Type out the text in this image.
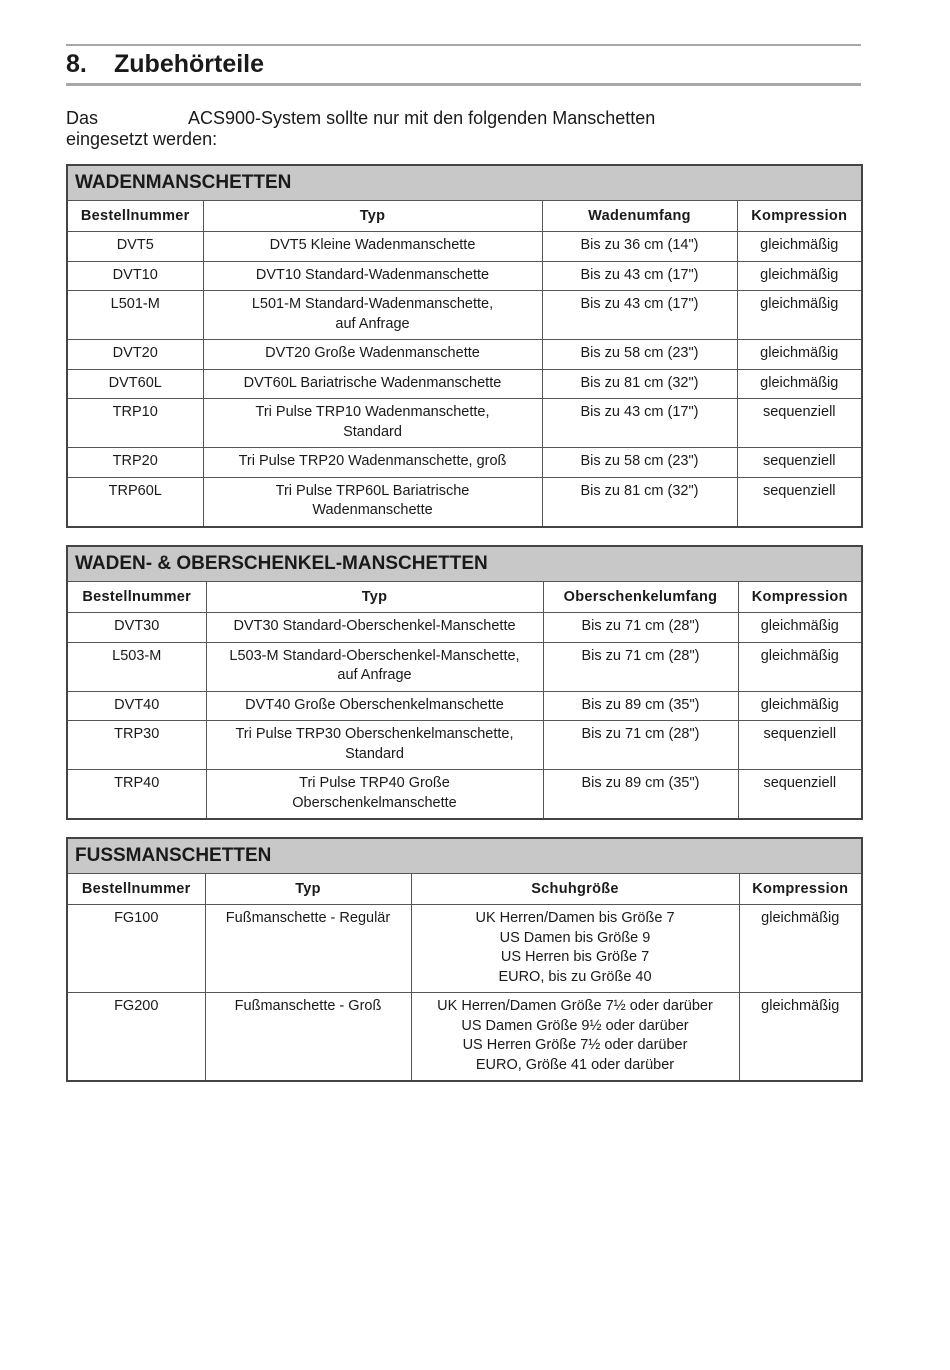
8. Zubehörteile

Das	ACS900-System sollte nur mit den folgenden Manschetten
eingesetzt werden:

WADENMANSCHETTEN			
Bestellnummer	Typ	Wadenumfang	Kompression
DVT5	DVT5 Kleine Wadenmanschette	Bis zu 36 cm (14")	gleichmäßig
DVT10	DVT10 Standard-Wadenmanschette	Bis zu 43 cm (17")	gleichmäßig
L501-M	L501-M Standard-Wadenmanschette,
auf Anfrage	Bis zu 43 cm (17")	gleichmäßig
DVT20	DVT20 Große Wadenmanschette	Bis zu 58 cm (23")	gleichmäßig
DVT60L	DVT60L Bariatrische Wadenmanschette	Bis zu 81 cm (32")	gleichmäßig
TRP10	Tri Pulse TRP10 Wadenmanschette,
Standard	Bis zu 43 cm (17")	sequenziell
TRP20	Tri Pulse TRP20 Wadenmanschette, groß	Bis zu 58 cm (23")	sequenziell
TRP60L	Tri Pulse TRP60L Bariatrische
Wadenmanschette	Bis zu 81 cm (32")	sequenziell
WADEN- & OBERSCHENKEL-MANSCHETTEN			
Bestellnummer	Typ	Oberschenkelumfang	Kompression
DVT30	DVT30 Standard-Oberschenkel-Manschette	Bis zu 71 cm (28")	gleichmäßig
L503-M	L503-M Standard-Oberschenkel-Manschette,
auf Anfrage	Bis zu 71 cm (28")	gleichmäßig
DVT40	DVT40 Große Oberschenkelmanschette	Bis zu 89 cm (35")	gleichmäßig
TRP30	Tri Pulse TRP30 Oberschenkelmanschette,
Standard	Bis zu 71 cm (28")	sequenziell
TRP40	Tri Pulse TRP40 Große
Oberschenkelmanschette	Bis zu 89 cm (35")	sequenziell
FUSSMANSCHETTEN			
Bestellnummer	Typ	Schuhgröße	Kompression
FG100	Fußmanschette - Regulär	UK Herren/Damen bis Größe 7
US Damen bis Größe 9
US Herren bis Größe 7
EURO, bis zu Größe 40	gleichmäßig
FG200	Fußmanschette - Groß	UK Herren/Damen Größe 7½ oder darüber
US Damen Größe 9½ oder darüber
US Herren Größe 7½ oder darüber
EURO, Größe 41 oder darüber	gleichmäßig
